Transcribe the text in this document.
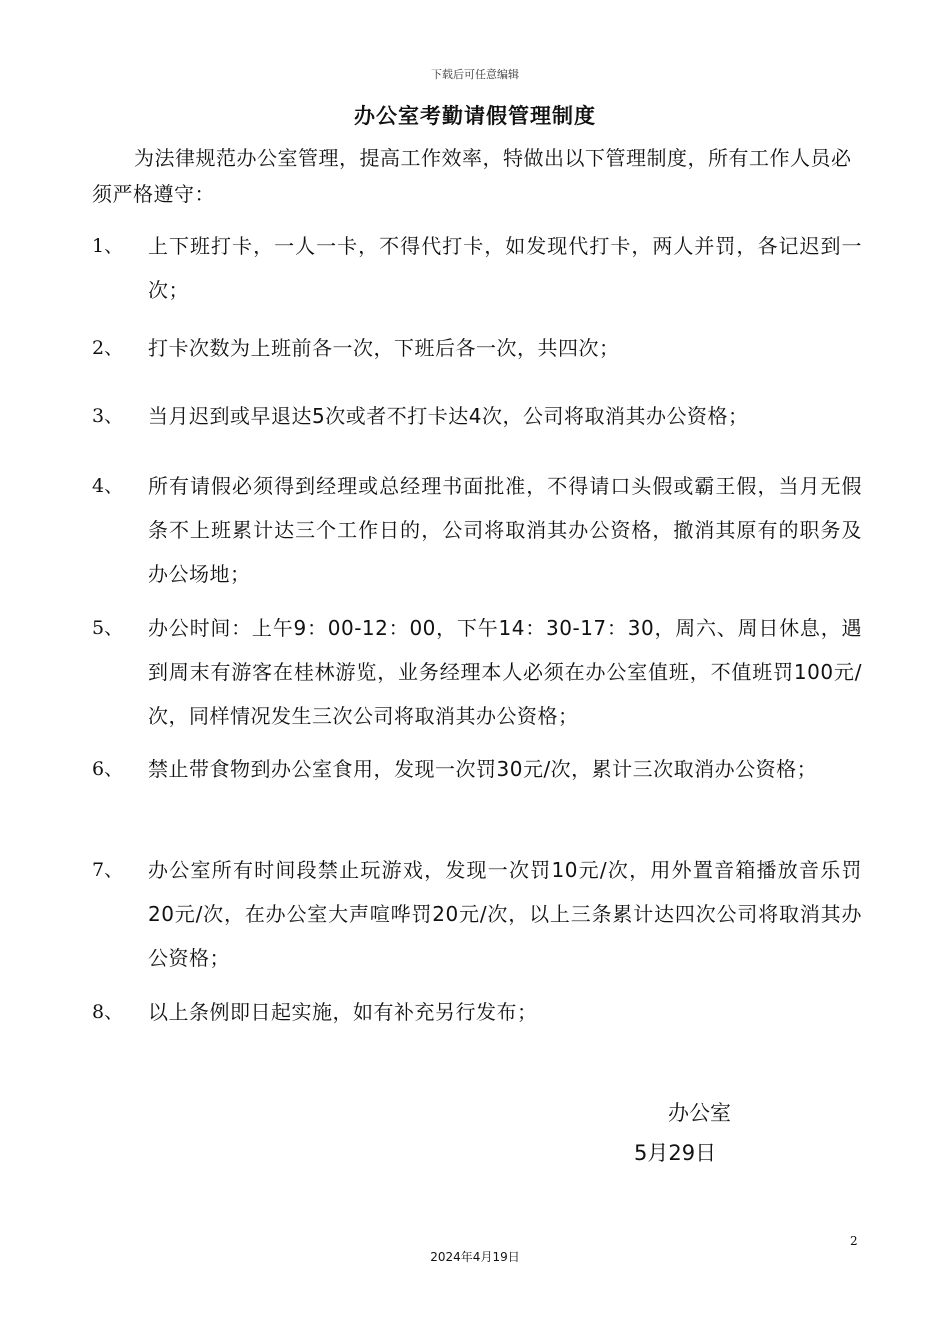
下载后可任意编辑
办公室考勤请假管理制度

为法律规范办公室管理，提高工作效率，特做出以下管理制度，所有工作人员必须严格遵守：

1、	上下班打卡，一人一卡，不得代打卡，如发现代打卡，两人并罚，各记迟到一次；
2、	打卡次数为上班前各一次，下班后各一次，共四次；
3、	当月迟到或早退达5次或者不打卡达4次，公司将取消其办公资格；
4、	所有请假必须得到经理或总经理书面批准，不得请口头假或霸王假，当月无假条不上班累计达三个工作日的，公司将取消其办公资格，撤消其原有的职务及办公场地；
5、	办公时间：上午9：00-12：00，下午14：30-17：30，周六、周日休息，遇到周末有游客在桂林游览，业务经理本人必须在办公室值班，不值班罚100元/次，同样情况发生三次公司将取消其办公资格；
6、	禁止带食物到办公室食用，发现一次罚30元/次，累计三次取消办公资格；
7、	办公室所有时间段禁止玩游戏，发现一次罚10元/次，用外置音箱播放音乐罚20元/次，在办公室大声喧哗罚20元/次，以上三条累计达四次公司将取消其办公资格；
8、	以上条例即日起实施，如有补充另行发布；
办公室
5月29日
2
2024年4月19日
